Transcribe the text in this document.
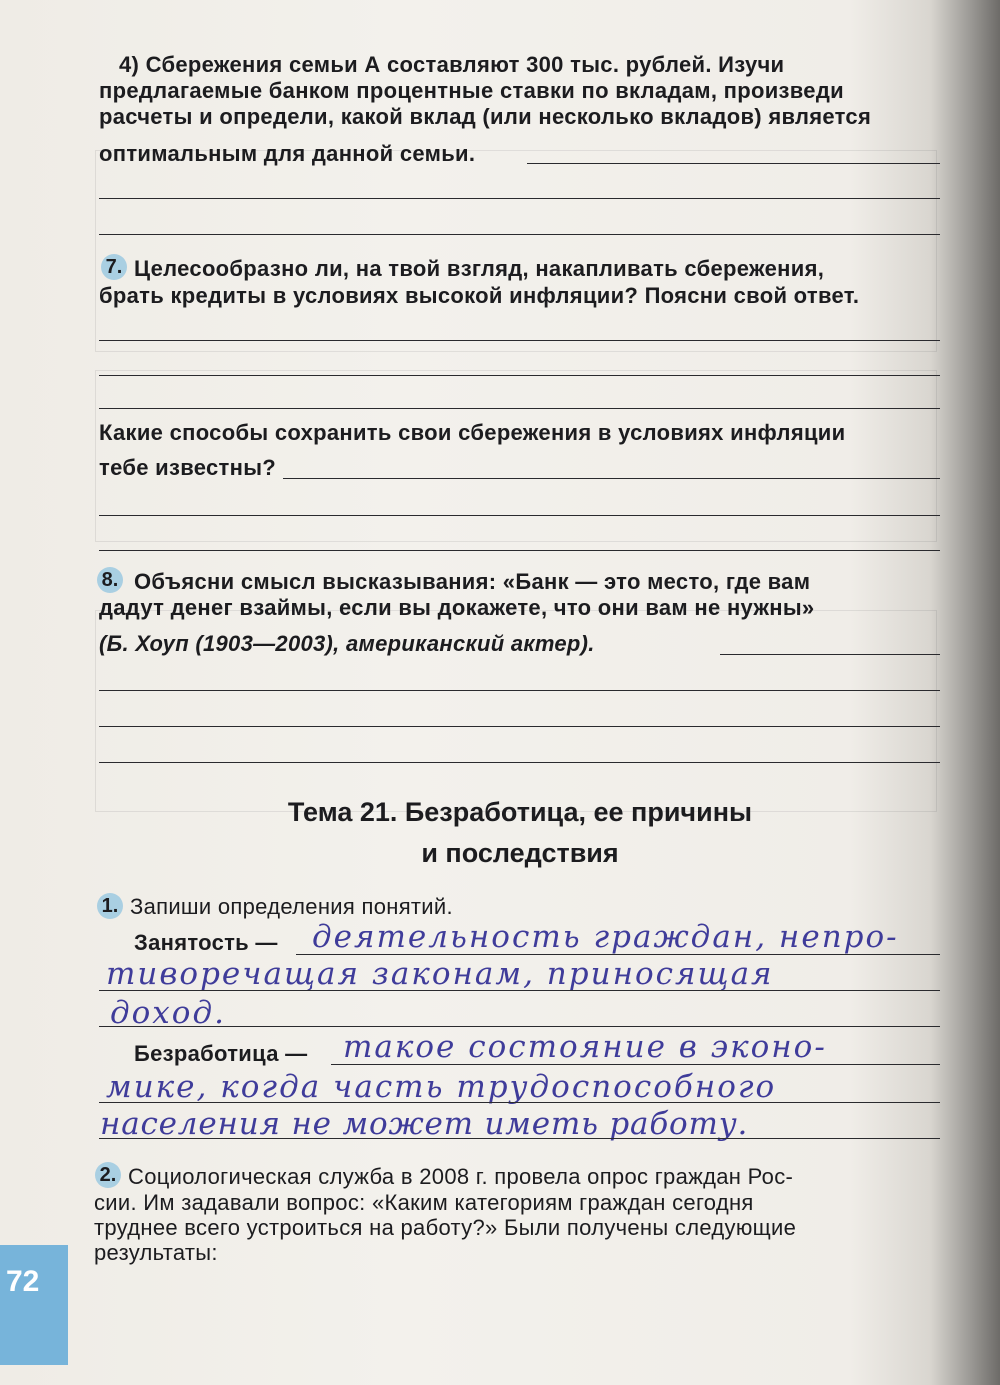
4) Сбережения семьи А составляют 300 тыс. рублей. Изучи
предлагаемые банком процентные ставки по вкладам, произведи
расчеты и определи, какой вклад (или несколько вкладов) является
оптимальным для данной семьи.
7. Целесообразно ли, на твой взгляд, накапливать сбережения,
брать кредиты в условиях высокой инфляции? Поясни свой ответ.
Какие способы сохранить свои сбережения в условиях инфляции
тебе известны?
8. Объясни смысл высказывания: «Банк — это место, где вам
дадут денег взаймы, если вы докажете, что они вам не нужны»
(Б. Хоуп (1903—2003), американский актер).
Тема 21. Безработица, ее причины
и последствия
1. Запиши определения понятий.
Занятость — деятельность граждан, непро-
тиворечащая законам, приносящая
доход.
Безработица — такое состояние в эконо-
мике, когда часть трудоспособного
населения не может иметь работу.
2. Социологическая служба в 2008 г. провела опрос граждан Рос-
сии. Им задавали вопрос: «Каким категориям граждан сегодня
труднее всего устроиться на работу?» Были получены следующие
результаты:
72
